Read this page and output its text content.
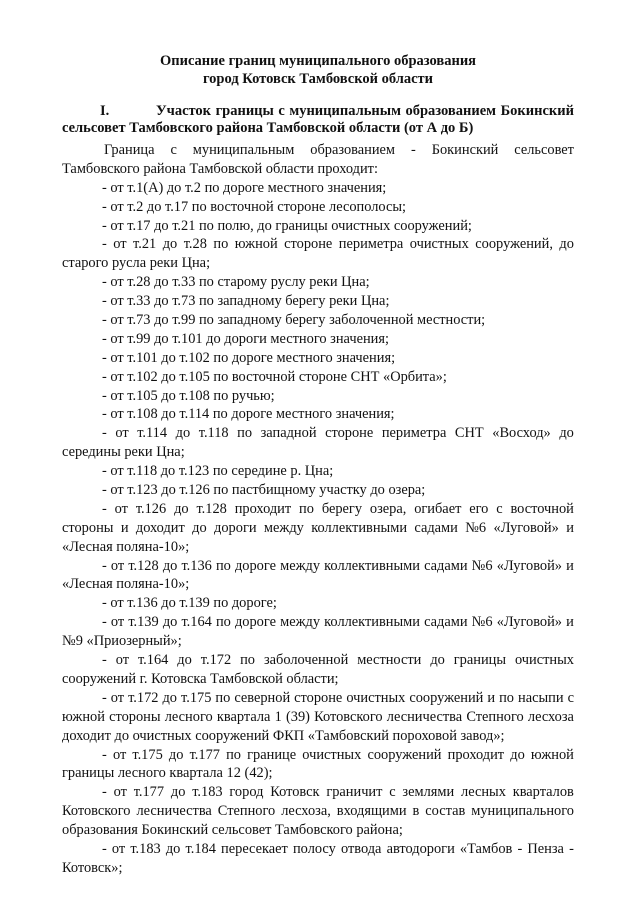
Описание границ муниципального образования
город Котовск Тамбовской области
I.	Участок границы с муниципальным образованием Бокинский
сельсовет Тамбовского района Тамбовской области (от А до Б)
Граница с муниципальным образованием - Бокинский сельсовет
Тамбовского района Тамбовской области проходит:
- от т.1(А) до т.2 по дороге местного значения;
- от т.2 до т.17 по восточной стороне лесополосы;
- от т.17 до т.21 по полю, до границы очистных сооружений;
- от т.21 до т.28 по южной стороне периметра очистных сооружений, до
старого русла реки Цна;
- от т.28 до т.33 по старому руслу реки Цна;
- от т.33 до т.73 по западному берегу реки Цна;
- от т.73 до т.99 по западному берегу заболоченной местности;
- от т.99 до т.101 до дороги местного значения;
- от т.101 до т.102 по дороге местного значения;
- от т.102 до т.105 по восточной стороне СНТ «Орбита»;
- от т.105 до т.108 по ручью;
- от т.108 до т.114 по дороге местного значения;
- от т.114 до т.118 по западной стороне периметра СНТ «Восход» до
середины реки Цна;
- от т.118 до т.123 по середине р. Цна;
- от т.123 до т.126 по пастбищному участку до озера;
- от т.126 до т.128 проходит по берегу озера, огибает его с восточной
стороны и доходит до дороги между коллективными садами №6 «Луговой» и
«Лесная поляна-10»;
- от т.128 до т.136 по дороге между коллективными садами №6 «Луговой» и
«Лесная поляна-10»;
- от т.136 до т.139 по дороге;
- от т.139 до т.164 по дороге между коллективными садами №6 «Луговой» и
№9 «Приозерный»;
- от т.164 до т.172 по заболоченной местности до границы очистных
сооружений г. Котовска Тамбовской области;
- от т.172 до т.175 по северной стороне очистных сооружений и по насыпи с
южной стороны лесного квартала 1 (39) Котовского лесничества Степного лесхоза
доходит до очистных сооружений ФКП «Тамбовский пороховой завод»;
- от т.175 до т.177 по границе очистных сооружений проходит до южной
границы лесного квартала 12 (42);
- от т.177 до т.183 город Котовск граничит с землями лесных кварталов
Котовского лесничества Степного лесхоза, входящими в состав муниципального
образования Бокинский сельсовет Тамбовского района;
- от т.183 до т.184 пересекает полосу отвода автодороги «Тамбов - Пенза -
Котовск»;
